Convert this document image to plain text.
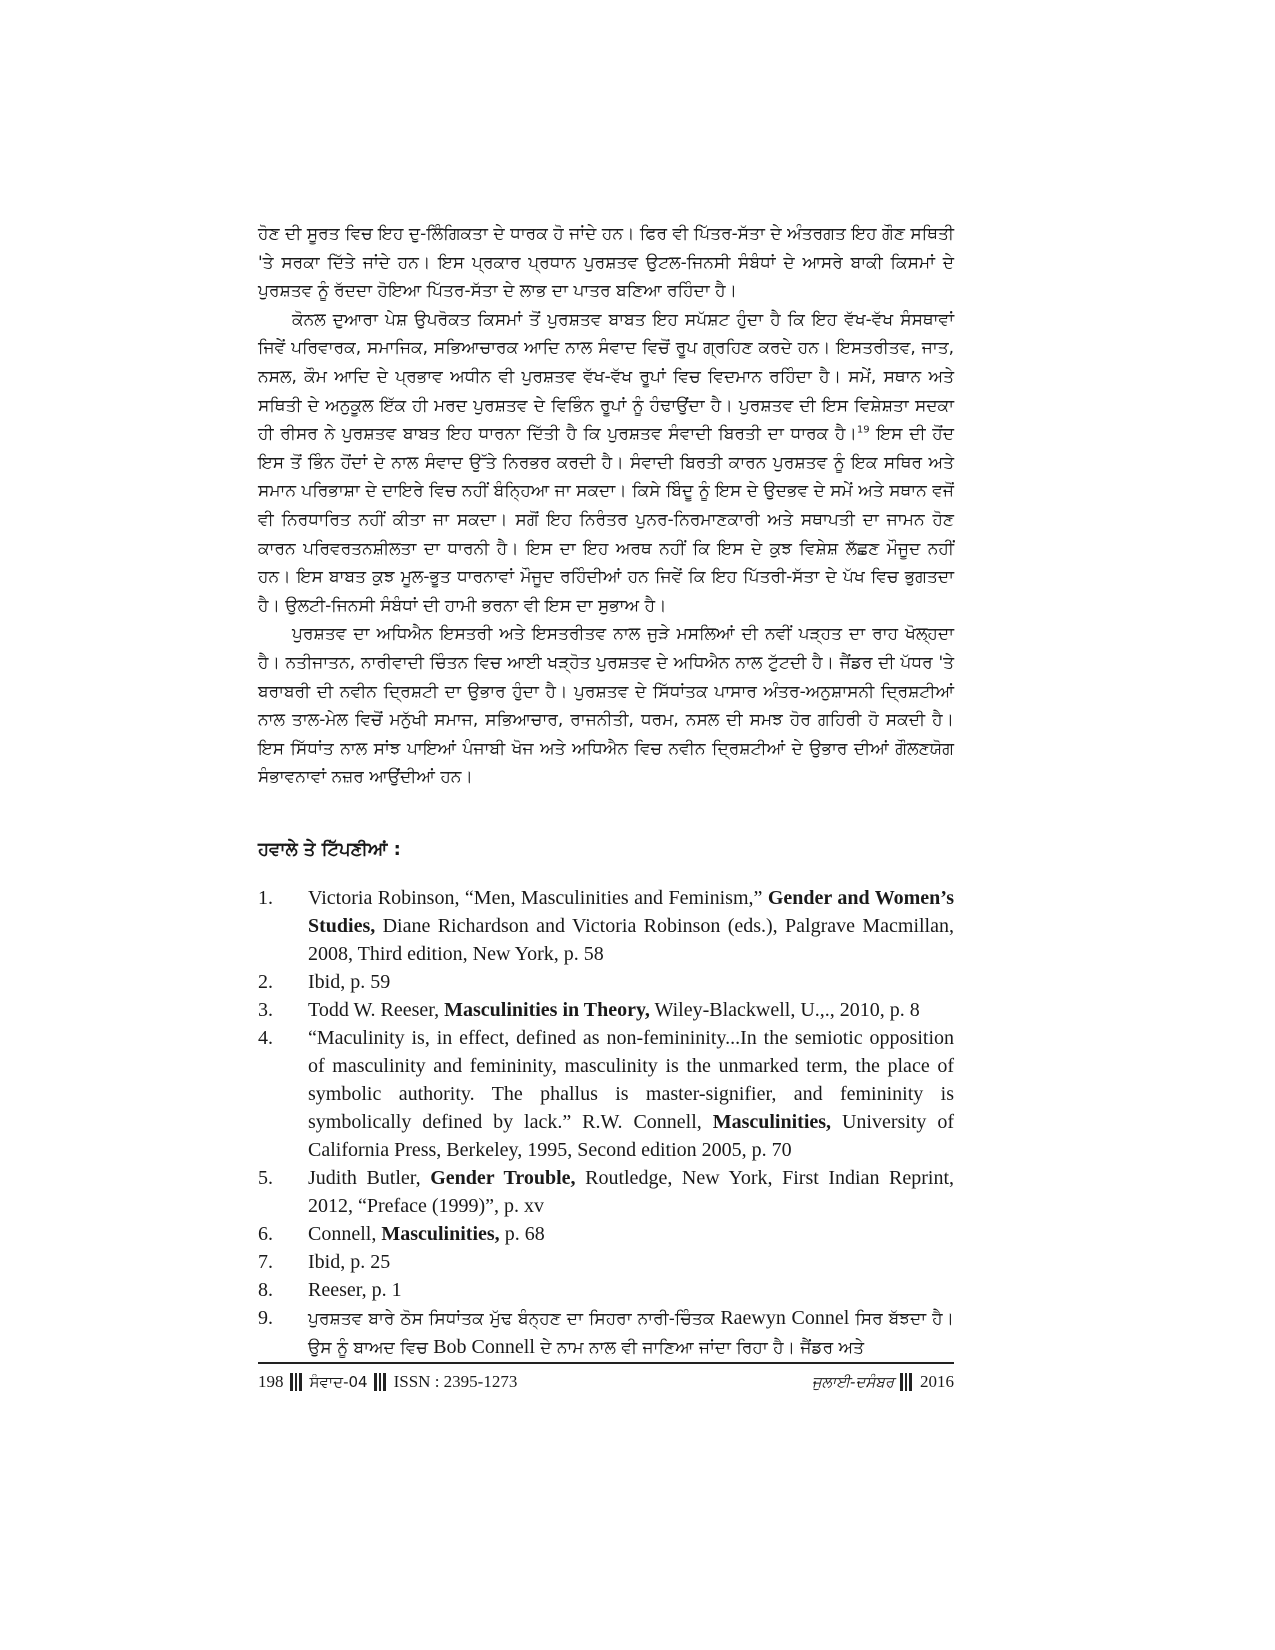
ਹੋਣ ਦੀ ਸੂਰਤ ਵਿਚ ਇਹ ਦੁ-ਲਿੰਗਿਕਤਾ ਦੇ ਧਾਰਕ ਹੋ ਜਾਂਦੇ ਹਨ। ਫਿਰ ਵੀ ਪਿੱਤਰ-ਸੱਤਾ ਦੇ ਅੰਤਰਗਤ ਇਹ ਗੌਣ ਸਥਿਤੀ 'ਤੇ ਸਰਕਾ ਦਿੱਤੇ ਜਾਂਦੇ ਹਨ। ਇਸ ਪ੍ਰਕਾਰ ਪ੍ਰਧਾਨ ਪੁਰਸ਼ਤਵ ਉਟਲ-ਜਿਨਸੀ ਸੰਬੰਧਾਂ ਦੇ ਆਸਰੇ ਬਾਕੀ ਕਿਸਮਾਂ ਦੇ ਪੁਰਸ਼ਤਵ ਨੂੰ ਰੱਦਦਾ ਹੋਇਆ ਪਿੱਤਰ-ਸੱਤਾ ਦੇ ਲਾਭ ਦਾ ਪਾਤਰ ਬਣਿਆ ਰਹਿੰਦਾ ਹੈ।

ਕੋਨਲ ਦੁਆਰਾ ਪੇਸ਼ ਉਪਰੋਕਤ ਕਿਸਮਾਂ ਤੋਂ ਪੁਰਸ਼ਤਵ ਬਾਬਤ ਇਹ ਸਪੱਸ਼ਟ ਹੁੰਦਾ ਹੈ ਕਿ ਇਹ ਵੱਖ-ਵੱਖ ਸੰਸਥਾਵਾਂ ਜਿਵੇਂ ਪਰਿਵਾਰਕ, ਸਮਾਜਿਕ, ਸਭਿਆਚਾਰਕ ਆਦਿ ਨਾਲ ਸੰਵਾਦ ਵਿਚੋਂ ਰੂਪ ਗ੍ਰਹਿਣ ਕਰਦੇ ਹਨ। ਇਸਤਰੀਤਵ, ਜਾਤ, ਨਸਲ, ਕੌਮ ਆਦਿ ਦੇ ਪ੍ਰਭਾਵ ਅਧੀਨ ਵੀ ਪੁਰਸ਼ਤਵ ਵੱਖ-ਵੱਖ ਰੂਪਾਂ ਵਿਚ ਵਿਦਮਾਨ ਰਹਿੰਦਾ ਹੈ। ਸਮੇਂ, ਸਥਾਨ ਅਤੇ ਸਥਿਤੀ ਦੇ ਅਨੁਕੂਲ ਇੱਕ ਹੀ ਮਰਦ ਪੁਰਸ਼ਤਵ ਦੇ ਵਿਭਿੰਨ ਰੂਪਾਂ ਨੂੰ ਹੰਢਾਉਂਦਾ ਹੈ। ਪੁਰਸ਼ਤਵ ਦੀ ਇਸ ਵਿਸ਼ੇਸ਼ਤਾ ਸਦਕਾ ਹੀ ਰੀਸਰ ਨੇ ਪੁਰਸ਼ਤਵ ਬਾਬਤ ਇਹ ਧਾਰਨਾ ਦਿੱਤੀ ਹੈ ਕਿ ਪੁਰਸ਼ਤਵ ਸੰਵਾਦੀ ਬਿਰਤੀ ਦਾ ਧਾਰਕ ਹੈ।$^{19}$ ਇਸ ਦੀ ਹੋਂਦ ਇਸ ਤੋਂ ਭਿੰਨ ਹੋਂਦਾਂ ਦੇ ਨਾਲ ਸੰਵਾਦ ਉੱਤੇ ਨਿਰਭਰ ਕਰਦੀ ਹੈ। ਸੰਵਾਦੀ ਬਿਰਤੀ ਕਾਰਨ ਪੁਰਸ਼ਤਵ ਨੂੰ ਇਕ ਸਥਿਰ ਅਤੇ ਸਮਾਨ ਪਰਿਭਾਸ਼ਾ ਦੇ ਦਾਇਰੇ ਵਿਚ ਨਹੀਂ ਬੰਨ੍ਹਿਆ ਜਾ ਸਕਦਾ। ਕਿਸੇ ਬਿੰਦੂ ਨੂੰ ਇਸ ਦੇ ਉਦਭਵ ਦੇ ਸਮੇਂ ਅਤੇ ਸਥਾਨ ਵਜੋਂ ਵੀ ਨਿਰਧਾਰਿਤ ਨਹੀਂ ਕੀਤਾ ਜਾ ਸਕਦਾ। ਸਗੋਂ ਇਹ ਨਿਰੰਤਰ ਪੁਨਰ-ਨਿਰਮਾਣਕਾਰੀ ਅਤੇ ਸਥਾਪਤੀ ਦਾ ਜਾਮਨ ਹੋਣ ਕਾਰਨ ਪਰਿਵਰਤਨਸ਼ੀਲਤਾ ਦਾ ਧਾਰਨੀ ਹੈ। ਇਸ ਦਾ ਇਹ ਅਰਥ ਨਹੀਂ ਕਿ ਇਸ ਦੇ ਕੁਝ ਵਿਸ਼ੇਸ਼ ਲੱਛਣ ਮੌਜੂਦ ਨਹੀਂ ਹਨ। ਇਸ ਬਾਬਤ ਕੁਝ ਮੂਲ-ਭੂਤ ਧਾਰਨਾਵਾਂ ਮੌਜੂਦ ਰਹਿੰਦੀਆਂ ਹਨ ਜਿਵੇਂ ਕਿ ਇਹ ਪਿੱਤਰੀ-ਸੱਤਾ ਦੇ ਪੱਖ ਵਿਚ ਭੁਗਤਦਾ ਹੈ। ਉਲਟੀ-ਜਿਨਸੀ ਸੰਬੰਧਾਂ ਦੀ ਹਾਮੀ ਭਰਨਾ ਵੀ ਇਸ ਦਾ ਸੁਭਾਅ ਹੈ।

ਪੁਰਸ਼ਤਵ ਦਾ ਅਧਿਐਨ ਇਸਤਰੀ ਅਤੇ ਇਸਤਰੀਤਵ ਨਾਲ ਜੁੜੇ ਮਸਲਿਆਂ ਦੀ ਨਵੀਂ ਪੜ੍ਹਤ ਦਾ ਰਾਹ ਖੋਲ੍ਹਦਾ ਹੈ। ਨਤੀਜਾਤਨ, ਨਾਰੀਵਾਦੀ ਚਿੰਤਨ ਵਿਚ ਆਈ ਖੜ੍ਹੋਤ ਪੁਰਸ਼ਤਵ ਦੇ ਅਧਿਐਨ ਨਾਲ ਟੁੱਟਦੀ ਹੈ। ਜੈਂਡਰ ਦੀ ਪੱਧਰ 'ਤੇ ਬਰਾਬਰੀ ਦੀ ਨਵੀਨ ਦ੍ਰਿਸ਼ਟੀ ਦਾ ਉਭਾਰ ਹੁੰਦਾ ਹੈ। ਪੁਰਸ਼ਤਵ ਦੇ ਸਿੱਧਾਂਤਕ ਪਾਸਾਰ ਅੰਤਰ-ਅਨੁਸ਼ਾਸਨੀ ਦ੍ਰਿਸ਼ਟੀਆਂ ਨਾਲ ਤਾਲ-ਮੇਲ ਵਿਚੋਂ ਮਨੁੱਖੀ ਸਮਾਜ, ਸਭਿਆਚਾਰ, ਰਾਜਨੀਤੀ, ਧਰਮ, ਨਸਲ ਦੀ ਸਮਝ ਹੋਰ ਗਹਿਰੀ ਹੋ ਸਕਦੀ ਹੈ। ਇਸ ਸਿੱਧਾਂਤ ਨਾਲ ਸਾਂਝ ਪਾਇਆਂ ਪੰਜਾਬੀ ਖੋਜ ਅਤੇ ਅਧਿਐਨ ਵਿਚ ਨਵੀਨ ਦ੍ਰਿਸ਼ਟੀਆਂ ਦੇ ਉਭਾਰ ਦੀਆਂ ਗੌਲਣਯੋਗ ਸੰਭਾਵਨਾਵਾਂ ਨਜ਼ਰ ਆਉਂਦੀਆਂ ਹਨ।

ਹਵਾਲੇ ਤੇ ਟਿੱਪਣੀਆਂ :
1.	Victoria Robinson, “Men, Masculinities and Feminism,” Gender and Women’s Studies, Diane Richardson and Victoria Robinson (eds.), Palgrave Macmillan, 2008, Third edition, New York, p. 58
2.	Ibid, p. 59
3.	Todd W. Reeser, Masculinities in Theory, Wiley-Blackwell, U.,., 2010, p. 8
4.	“Maculinity is, in effect, defined as non-femininity...In the semiotic opposition of masculinity and femininity, masculinity is the unmarked term, the place of symbolic authority. The phallus is master-signifier, and femininity is symbolically defined by lack.” R.W. Connell, Masculinities, University of California Press, Berkeley, 1995, Second edition 2005, p. 70
5.	Judith Butler, Gender Trouble, Routledge, New York, First Indian Reprint, 2012, “Preface (1999)”, p. xv
6.	Connell, Masculinities, p. 68
7.	Ibid, p. 25
8.	Reeser, p. 1
9.	ਪੁਰਸ਼ਤਵ ਬਾਰੇ ਠੋਸ ਸਿਧਾਂਤਕ ਮੁੱਢ ਬੰਨ੍ਹਣ ਦਾ ਸਿਹਰਾ ਨਾਰੀ-ਚਿੰਤਕ Raewyn Connel ਸਿਰ ਬੱਝਦਾ ਹੈ। ਉਸ ਨੂੰ ਬਾਅਦ ਵਿਚ Bob Connell ਦੇ ਨਾਮ ਨਾਲ ਵੀ ਜਾਣਿਆ ਜਾਂਦਾ ਰਿਹਾ ਹੈ। ਜੈਂਡਰ ਅਤੇ
198 ਸੰਵਾਦ-04 ISSN : 2395-1273	ਜੁਲਾਈ-ਦਸੰਬਰ 2016
